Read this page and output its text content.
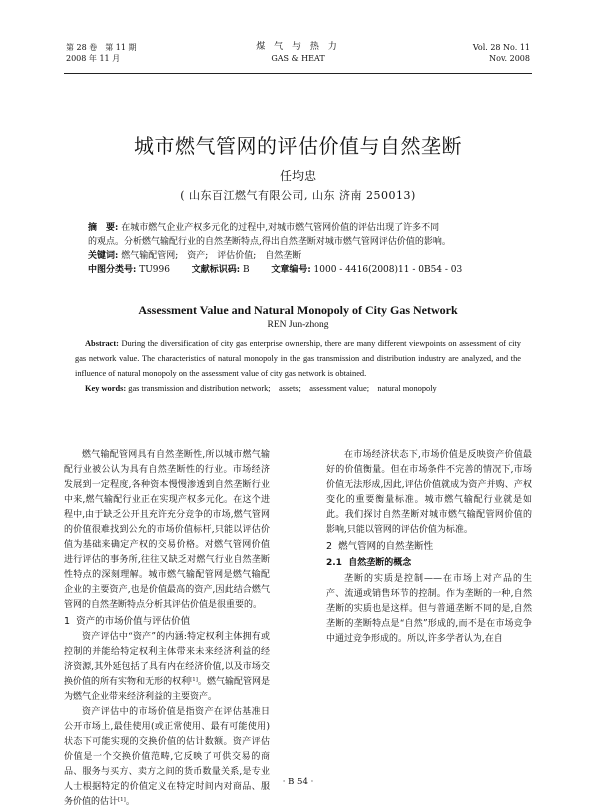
第 28 卷　第 11 期
2008 年 11 月
煤 气 与 热 力
GAS & HEAT
Vol. 28 No. 11
Nov. 2008
城市燃气管网的评估价值与自然垄断
任均忠
( 山东百江燃气有限公司, 山东 济南 250013)
摘　要: 在城市燃气企业产权多元化的过程中,对城市燃气管网价值的评估出现了许多不同
的观点。分析燃气输配行业的自然垄断特点,得出自然垄断对城市燃气管网评估价值的影响。
关键词: 燃气输配管网;　资产;　评估价值;　自然垄断
中图分类号: TU996 文献标识码: B 文章编号: 1000 - 4416(2008)11 - 0B54 - 03
Assessment Value and Natural Monopoly of City Gas Network
REN Jun-zhong
Abstract: During the diversification of city gas enterprise ownership, there are many different viewpoints on assessment of city gas network value. The characteristics of natural monopoly in the gas transmission and distribution industry are analyzed, and the influence of natural monopoly on the assessment value of city gas network is obtained.
Key words: gas transmission and distribution network;　assets;　assessment value;　natural monopoly

燃气输配管网具有自然垄断性,所以城市燃气输配行业被公认为具有自然垄断性的行业。市场经济发展到一定程度,各种资本慢慢渗透到自然垄断行业中来,燃气输配行业正在实现产权多元化。在这个进程中,由于缺乏公开且充许充分竞争的市场,燃气管网的价值很难找到公允的市场价值标杆,只能以评估价值为基础来确定产权的交易价格。对燃气管网价值进行评估的事务所,往往又缺乏对燃气行业自然垄断性特点的深刻理解。城市燃气输配管网是燃气输配企业的主要资产,也是价值最高的资产,因此结合燃气管网的自然垄断特点分析其评估价值是很重要的。

1 资产的市场价值与评估价值

资产评估中“资产”的内涵:特定权利主体拥有或控制的并能给特定权利主体带来未来经济利益的经济资源,其外延包括了具有内在经济价值,以及市场交换价值的所有实物和无形的权利[1]。燃气输配管网是为燃气企业带来经济利益的主要资产。

资产评估中的市场价值是指资产在评估基准日公开市场上,最佳使用(或正常使用、最有可能使用)状态下可能实现的交换价值的估计数额。资产评估价值是一个交换价值范畴,它反映了可供交易的商品、服务与买方、卖方之间的货币数量关系,是专业人士根据特定的价值定义在特定时间内对商品、服务价值的估计[1]。

在市场经济状态下,市场价值是反映资产价值最好的价值衡量。但在市场条件不完善的情况下,市场价值无法形成,因此,评估价值就成为资产并购、产权变化的重要衡量标准。城市燃气输配行业就是如此。我们探讨自然垄断对城市燃气输配管网价值的影响,只能以管网的评估价值为标准。

2 燃气管网的自然垄断性

2.1 自然垄断的概念

垄断的实质是控制——在市场上对产品的生产、流通或销售环节的控制。作为垄断的一种,自然垄断的实质也是这样。但与普通垄断不同的是,自然垄断的垄断特点是“自然”形成的,而不是在市场竞争中通过竞争形成的。所以,许多学者认为,在自

· B 54 ·
